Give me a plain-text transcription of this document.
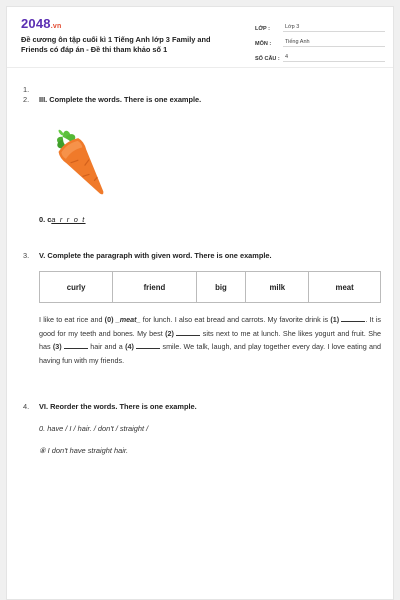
2048.vn
Đề cương ôn tập cuối kì 1 Tiếng Anh lớp 3 Family and Friends có đáp án - Đề thi tham khảo số 1
LỚP :	Lớp 3
MÔN :	Tiếng Anh
SỐ CÂU : 4
1.
2.	III. Complete the words. There is one example.
0. ca r r o t
3.	V. Complete the paragraph with given word. There is one example.
curly	friend	big	milk	meat
I like to eat rice and (0) _meat_ for lunch. I also eat bread and carrots. My favorite drink is (1)	. It is good for my teeth and bones. My best (2)	sits next to me at lunch. She likes yogurt and fruit. She has (3)	hair and a (4)	smile. We talk, laugh, and play together every day. I love eating and having fun with my friends.
4.	VI. Reorder the words. There is one example.
0. have / I / hair. / don't / straight /
⑧ I don't have straight hair.
